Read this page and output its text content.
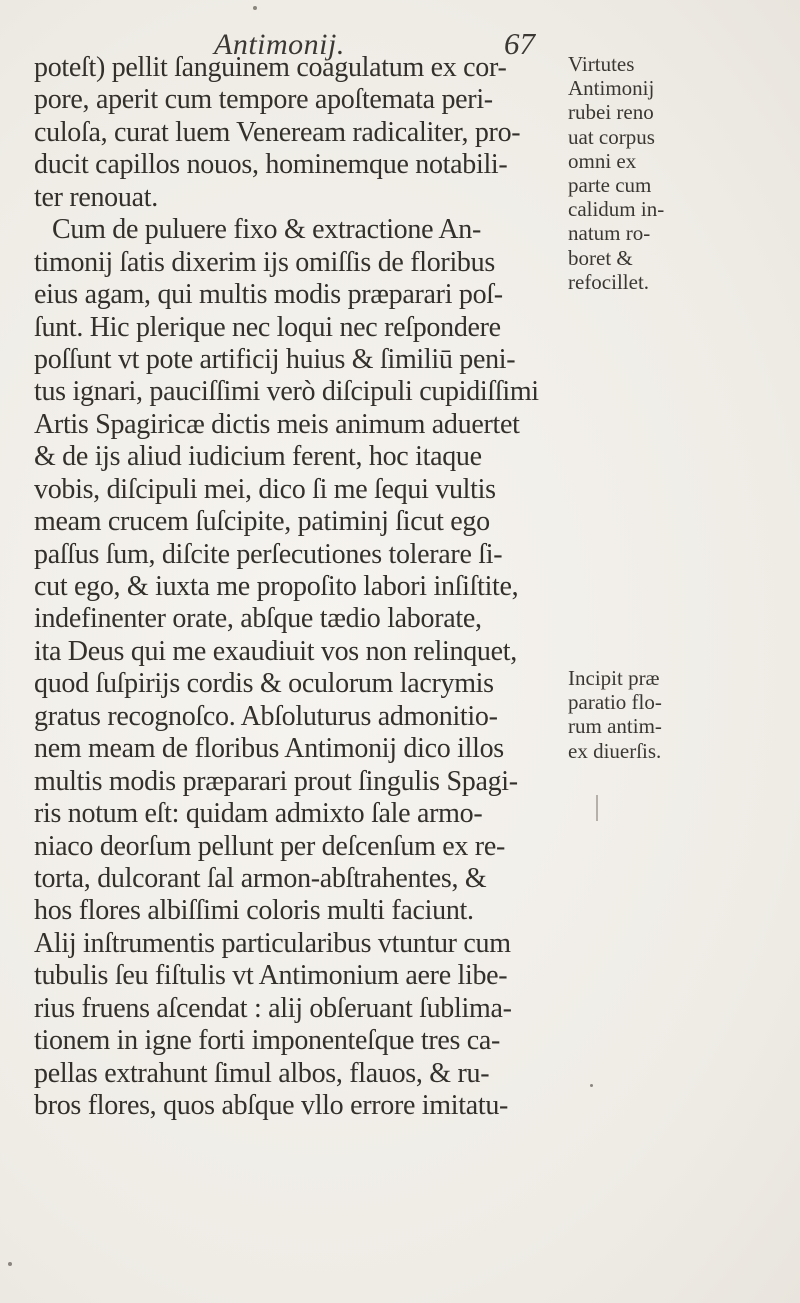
Antimonij.	67
poteſt) pellit ſanguinem coagulatum ex cor-
pore, aperit cum tempore apoſtemata peri-
culoſa, curat luem Veneream radicaliter, pro-
ducit capillos nouos, hominemque notabili-
ter renouat.
Cum de puluere fixo & extractione An-
timonij ſatis dixerim ijs omiſſis de floribus
eius agam, qui multis modis præparari poſ-
ſunt. Hic plerique nec loqui nec reſpondere
poſſunt vt pote artificij huius & ſimiliū peni-
tus ignari, pauciſſimi verò diſcipuli cupidiſſimi
Artis Spagiricæ dictis meis animum aduertet
& de ijs aliud iudicium ferent, hoc itaque
vobis, diſcipuli mei, dico ſi me ſequi vultis
meam crucem ſuſcipite, patiminj ſicut ego
paſſus ſum, diſcite perſecutiones tolerare ſi-
cut ego, & iuxta me propoſito labori inſiſtite,
indefinenter orate, abſque tædio laborate,
ita Deus qui me exaudiuit vos non relinquet,
quod ſuſpirijs cordis & oculorum lacrymis
gratus recognoſco. Abſoluturus admonitio-
nem meam de floribus Antimonij dico illos
multis modis præparari prout ſingulis Spagi-
ris notum eſt: quidam admixto ſale armo-
niaco deorſum pellunt per deſcenſum ex re-
torta, dulcorant ſal armon-abſtrahentes, &
hos flores albiſſimi coloris multi faciunt.
Alij inſtrumentis particularibus vtuntur cum
tubulis ſeu fiſtulis vt Antimonium aere libe-
rius fruens aſcendat : alij obſeruant ſublima-
tionem in igne forti imponenteſque tres ca-
pellas extrahunt ſimul albos, flauos, & ru-
bros flores, quos abſque vllo errore imitatu-
Virtutes
Antimonij
rubei reno
uat corpus
omni ex
parte cum
calidum in-
natum ro-
boret &
refocillet.
Incipit præ
paratio flo-
rum antim-
ex diuerſis.
